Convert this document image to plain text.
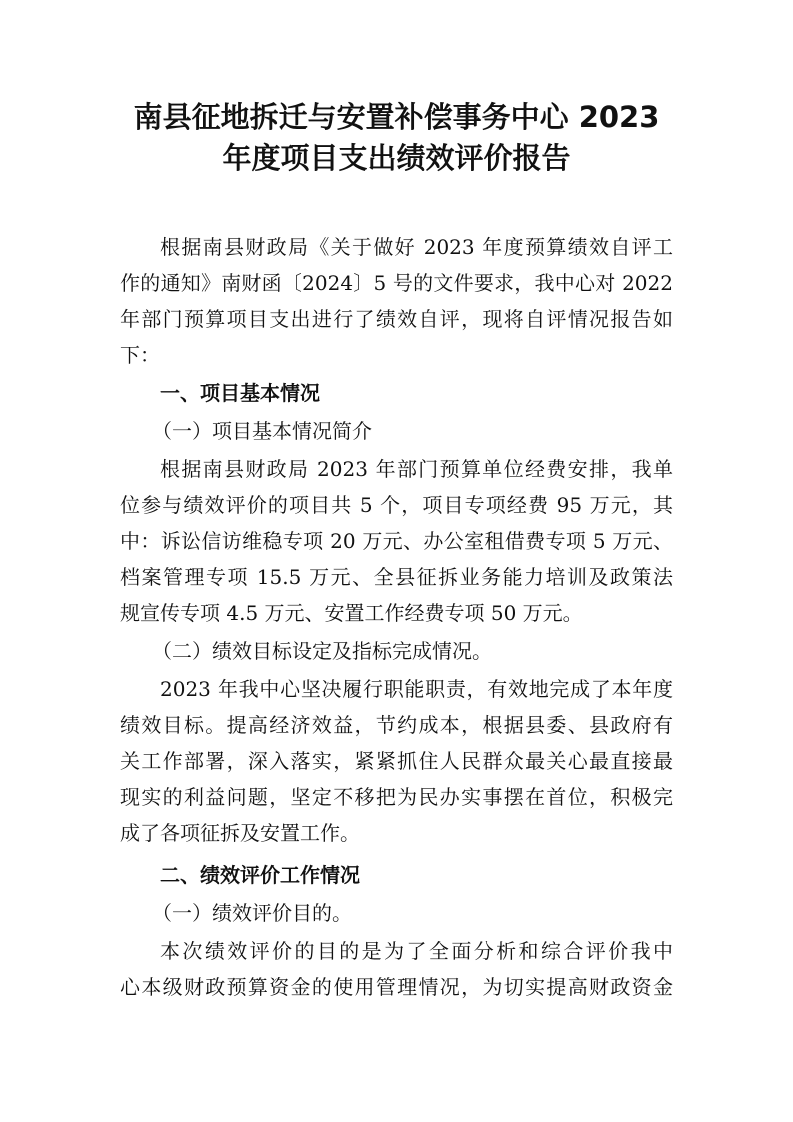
南县征地拆迁与安置补偿事务中心 2023
年度项目支出绩效评价报告
根据南县财政局《关于做好 2023 年度预算绩效自评工
作的通知》南财函〔2024〕5 号的文件要求，我中心对 2022
年部门预算项目支出进行了绩效自评，现将自评情况报告如
下：
一、项目基本情况
（一）项目基本情况简介
根据南县财政局 2023 年部门预算单位经费安排，我单
位参与绩效评价的项目共 5 个，项目专项经费 95 万元，其
中：诉讼信访维稳专项 20 万元、办公室租借费专项 5 万元、
档案管理专项 15.5 万元、全县征拆业务能力培训及政策法
规宣传专项 4.5 万元、安置工作经费专项 50 万元。
（二）绩效目标设定及指标完成情况。
2023 年我中心坚决履行职能职责，有效地完成了本年度
绩效目标。提高经济效益，节约成本，根据县委、县政府有
关工作部署，深入落实，紧紧抓住人民群众最关心最直接最
现实的利益问题，坚定不移把为民办实事摆在首位，积极完
成了各项征拆及安置工作。
二、绩效评价工作情况
（一）绩效评价目的。
本次绩效评价的目的是为了全面分析和综合评价我中
心本级财政预算资金的使用管理情况，为切实提高财政资金
